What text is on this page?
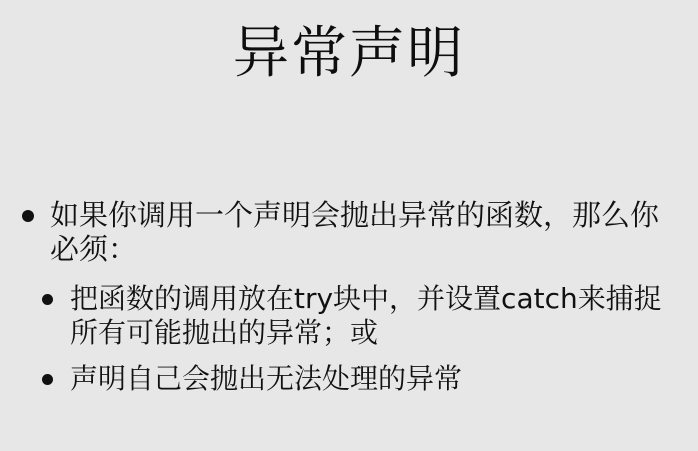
异常声明
如果你调用一个声明会抛出异常的函数，那么你必须：
把函数的调用放在try块中，并设置catch来捕捉所有可能抛出的异常；或
声明自己会抛出无法处理的异常
